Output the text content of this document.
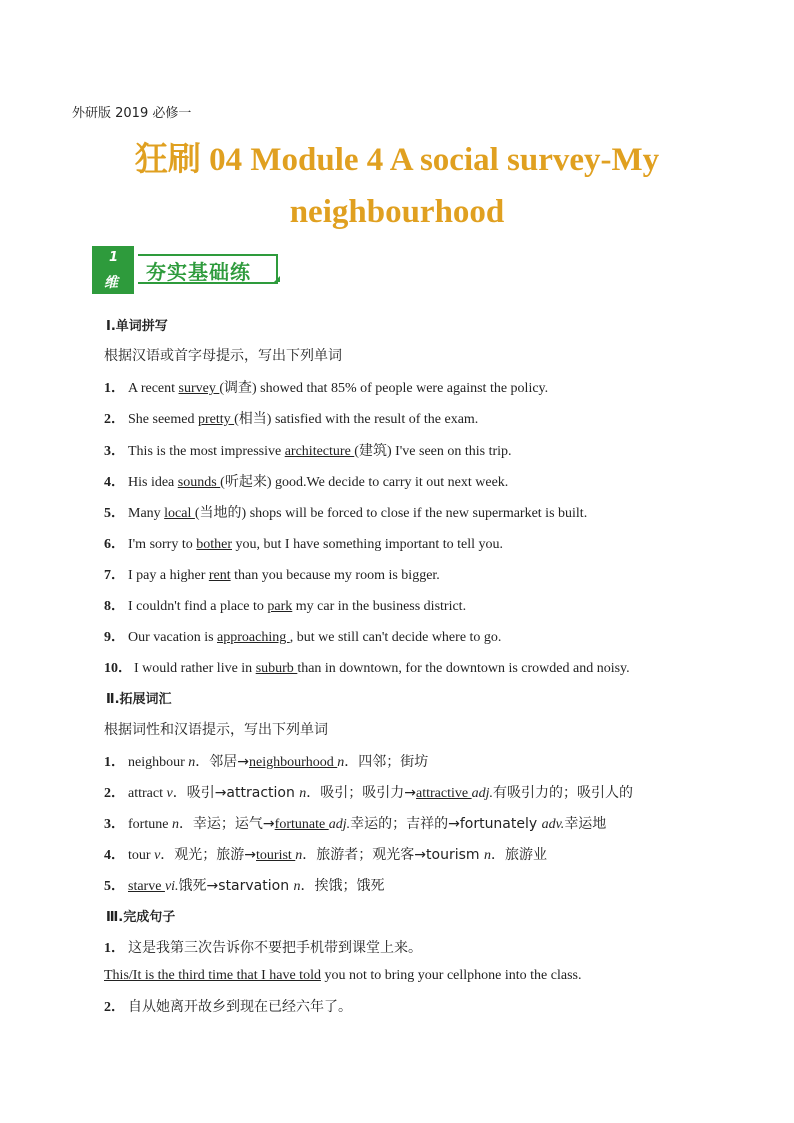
外研版 2019 必修一
狂刷 04 Module 4 A social survey-My
neighbourhood
1
维 夯实基础练
Ⅰ.单词拼写
根据汉语或首字母提示，写出下列单词
1． A recent survey (调查) showed that 85% of people were against the policy.
2． She seemed pretty (相当) satisfied with the result of the exam.
3． This is the most impressive architecture (建筑) I've seen on this trip.
4． His idea sounds (听起来) good.We decide to carry it out next week.
5． Many local (当地的) shops will be forced to close if the new supermarket is built.
6． I'm sorry to bother you, but I have something important to tell you.
7． I pay a higher rent than you because my room is bigger.
8． I couldn't find a place to park my car in the business district.
9． Our vacation is approaching , but we still can't decide where to go.
10． I would rather live in suburb than in downtown, for the downtown is crowded and noisy.
Ⅱ.拓展词汇
根据词性和汉语提示，写出下列单词
1． neighbour n．邻居→neighbourhood n．四邻；街坊
2． attract v．吸引→attraction n．吸引；吸引力→attractive adj.有吸引力的；吸引人的
3． fortune n．幸运；运气→fortunate adj.幸运的；吉祥的→fortunately adv.幸运地
4． tour v．观光；旅游→tourist n．旅游者；观光客→tourism n．旅游业
5． starve vi.饿死→starvation n．挨饿；饿死
Ⅲ.完成句子
1． 这是我第三次告诉你不要把手机带到课堂上来。
This/It is the third time that I have told you not to bring your cellphone into the class.
2． 自从她离开故乡到现在已经六年了。
